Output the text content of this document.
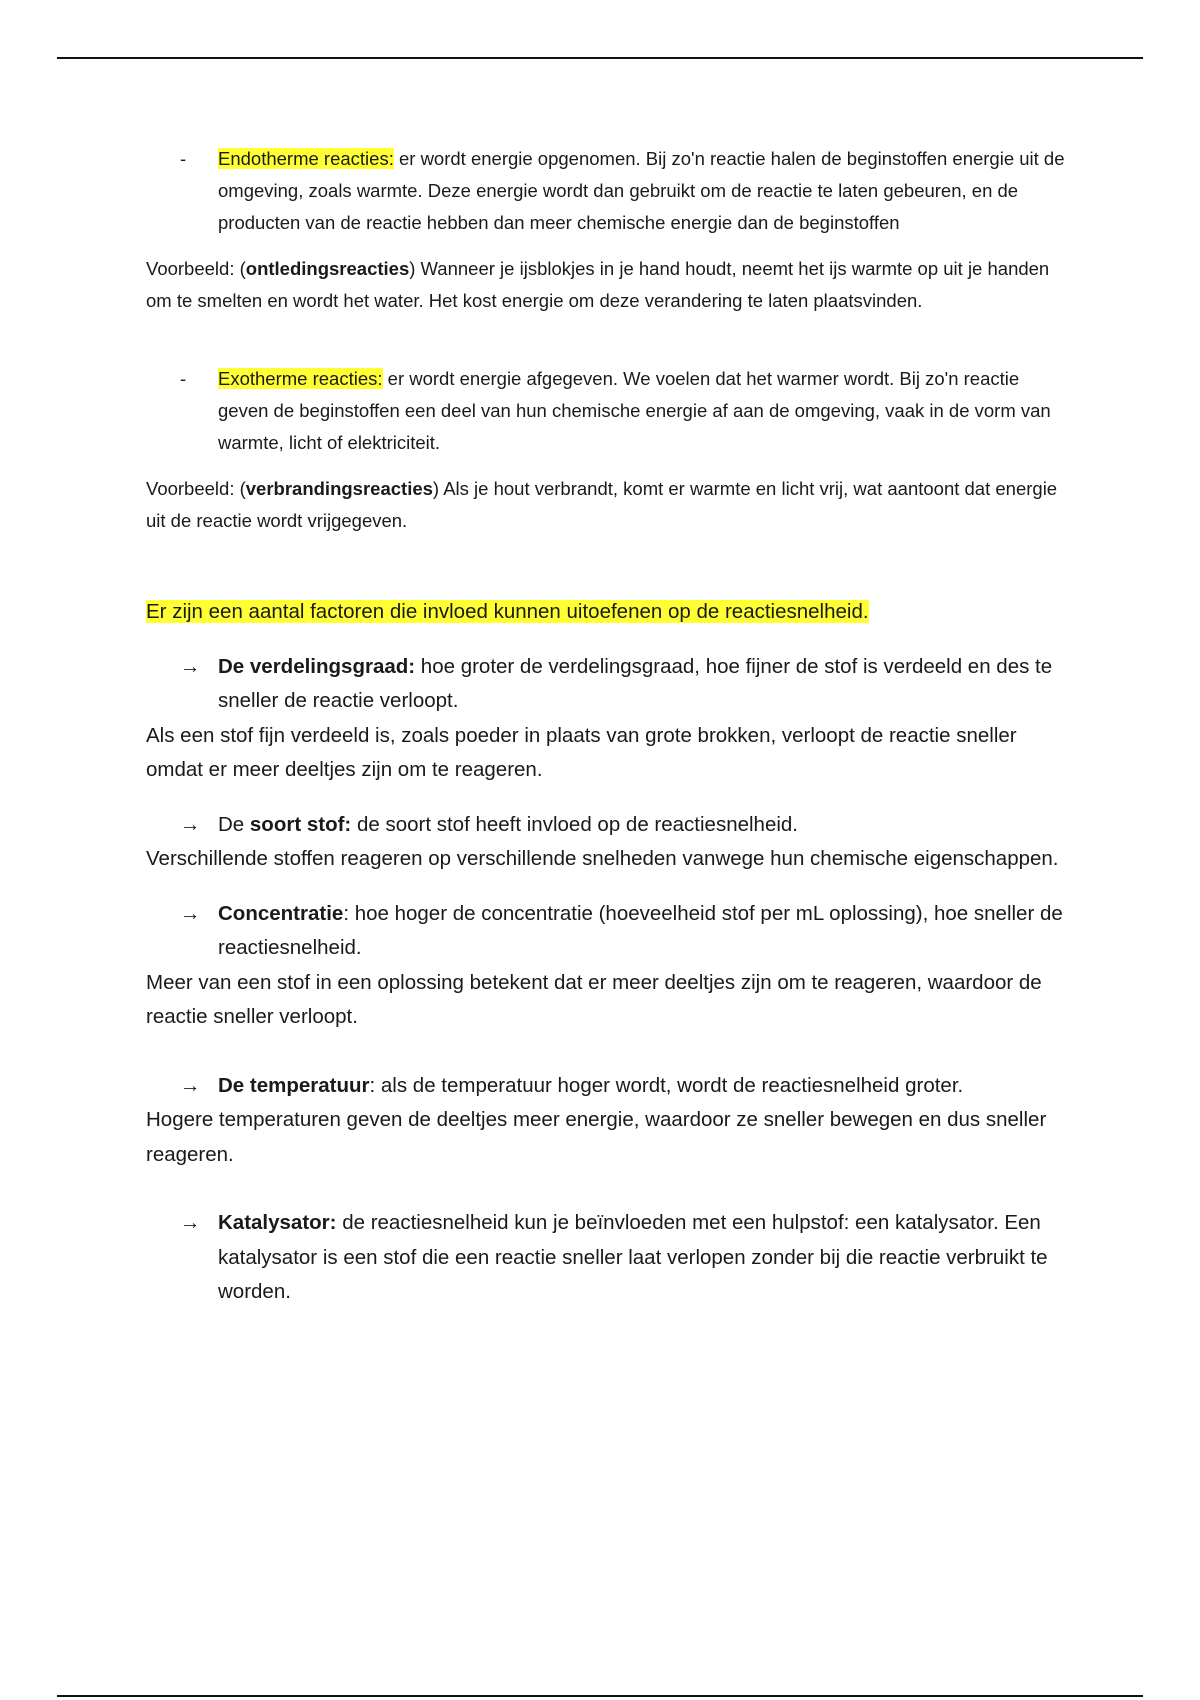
- Endotherme reacties: er wordt energie opgenomen. Bij zo'n reactie halen de beginstoffen energie uit de omgeving, zoals warmte. Deze energie wordt dan gebruikt om de reactie te laten gebeuren, en de producten van de reactie hebben dan meer chemische energie dan de beginstoffen

Voorbeeld: (ontledingsreacties) Wanneer je ijsblokjes in je hand houdt, neemt het ijs warmte op uit je handen om te smelten en wordt het water. Het kost energie om deze verandering te laten plaatsvinden.

- Exotherme reacties: er wordt energie afgegeven. We voelen dat het warmer wordt. Bij zo'n reactie geven de beginstoffen een deel van hun chemische energie af aan de omgeving, vaak in de vorm van warmte, licht of elektriciteit.

Voorbeeld: (verbrandingsreacties) Als je hout verbrandt, komt er warmte en licht vrij, wat aantoont dat energie uit de reactie wordt vrijgegeven.

Er zijn een aantal factoren die invloed kunnen uitoefenen op de reactiesnelheid.

→ De verdelingsgraad: hoe groter de verdelingsgraad, hoe fijner de stof is verdeeld en des te sneller de reactie verloopt.

Als een stof fijn verdeeld is, zoals poeder in plaats van grote brokken, verloopt de reactie sneller omdat er meer deeltjes zijn om te reageren.

→ De soort stof: de soort stof heeft invloed op de reactiesnelheid.

Verschillende stoffen reageren op verschillende snelheden vanwege hun chemische eigenschappen.

→ Concentratie: hoe hoger de concentratie (hoeveelheid stof per mL oplossing), hoe sneller de reactiesnelheid.

Meer van een stof in een oplossing betekent dat er meer deeltjes zijn om te reageren, waardoor de reactie sneller verloopt.

→ De temperatuur: als de temperatuur hoger wordt, wordt de reactiesnelheid groter.

Hogere temperaturen geven de deeltjes meer energie, waardoor ze sneller bewegen en dus sneller reageren.

→ Katalysator: de reactiesnelheid kun je beïnvloeden met een hulpstof: een katalysator. Een katalysator is een stof die een reactie sneller laat verlopen zonder bij die reactie verbruikt te worden.
